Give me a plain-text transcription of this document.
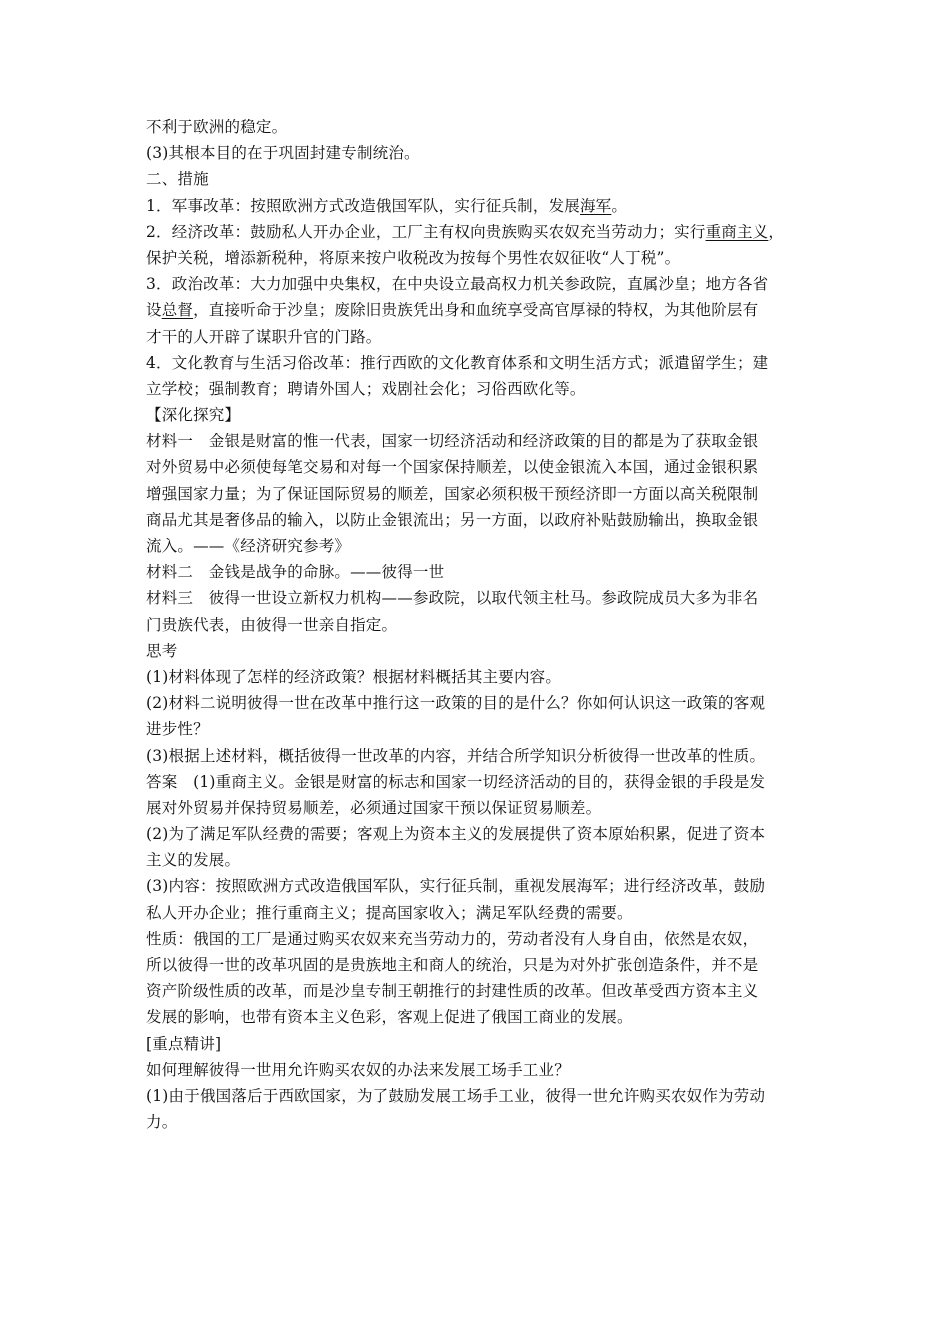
不利于欧洲的稳定。
(3)其根本目的在于巩固封建专制统治。
二、措施
1．军事改革：按照欧洲方式改造俄国军队，实行征兵制，发展海军。
2．经济改革：鼓励私人开办企业，工厂主有权向贵族购买农奴充当劳动力；实行重商主义，
保护关税，增添新税种，将原来按户收税改为按每个男性农奴征收“人丁税”。
3．政治改革：大力加强中央集权，在中央设立最高权力机关参政院，直属沙皇；地方各省
设总督，直接听命于沙皇；废除旧贵族凭出身和血统享受高官厚禄的特权，为其他阶层有
才干的人开辟了谋职升官的门路。
4．文化教育与生活习俗改革：推行西欧的文化教育体系和文明生活方式；派遣留学生；建
立学校；强制教育；聘请外国人；戏剧社会化；习俗西欧化等。
【深化探究】
材料一　金银是财富的惟一代表，国家一切经济活动和经济政策的目的都是为了获取金银
对外贸易中必须使每笔交易和对每一个国家保持顺差，以使金银流入本国，通过金银积累
增强国家力量；为了保证国际贸易的顺差，国家必须积极干预经济即一方面以高关税限制
商品尤其是奢侈品的输入，以防止金银流出；另一方面，以政府补贴鼓励输出，换取金银
流入。——《经济研究参考》
材料二　金钱是战争的命脉。——彼得一世
材料三　彼得一世设立新权力机构——参政院，以取代领主杜马。参政院成员大多为非名
门贵族代表，由彼得一世亲自指定。
思考
(1)材料体现了怎样的经济政策？根据材料概括其主要内容。
(2)材料二说明彼得一世在改革中推行这一政策的目的是什么？你如何认识这一政策的客观
进步性？
(3)根据上述材料，概括彼得一世改革的内容，并结合所学知识分析彼得一世改革的性质。
答案　(1)重商主义。金银是财富的标志和国家一切经济活动的目的，获得金银的手段是发
展对外贸易并保持贸易顺差，必须通过国家干预以保证贸易顺差。
(2)为了满足军队经费的需要；客观上为资本主义的发展提供了资本原始积累，促进了资本
主义的发展。
(3)内容：按照欧洲方式改造俄国军队，实行征兵制，重视发展海军；进行经济改革，鼓励
私人开办企业；推行重商主义；提高国家收入；满足军队经费的需要。
性质：俄国的工厂是通过购买农奴来充当劳动力的，劳动者没有人身自由，依然是农奴，
所以彼得一世的改革巩固的是贵族地主和商人的统治，只是为对外扩张创造条件，并不是
资产阶级性质的改革，而是沙皇专制王朝推行的封建性质的改革。但改革受西方资本主义
发展的影响，也带有资本主义色彩，客观上促进了俄国工商业的发展。
[重点精讲]
如何理解彼得一世用允许购买农奴的办法来发展工场手工业？
(1)由于俄国落后于西欧国家，为了鼓励发展工场手工业，彼得一世允许购买农奴作为劳动
力。
